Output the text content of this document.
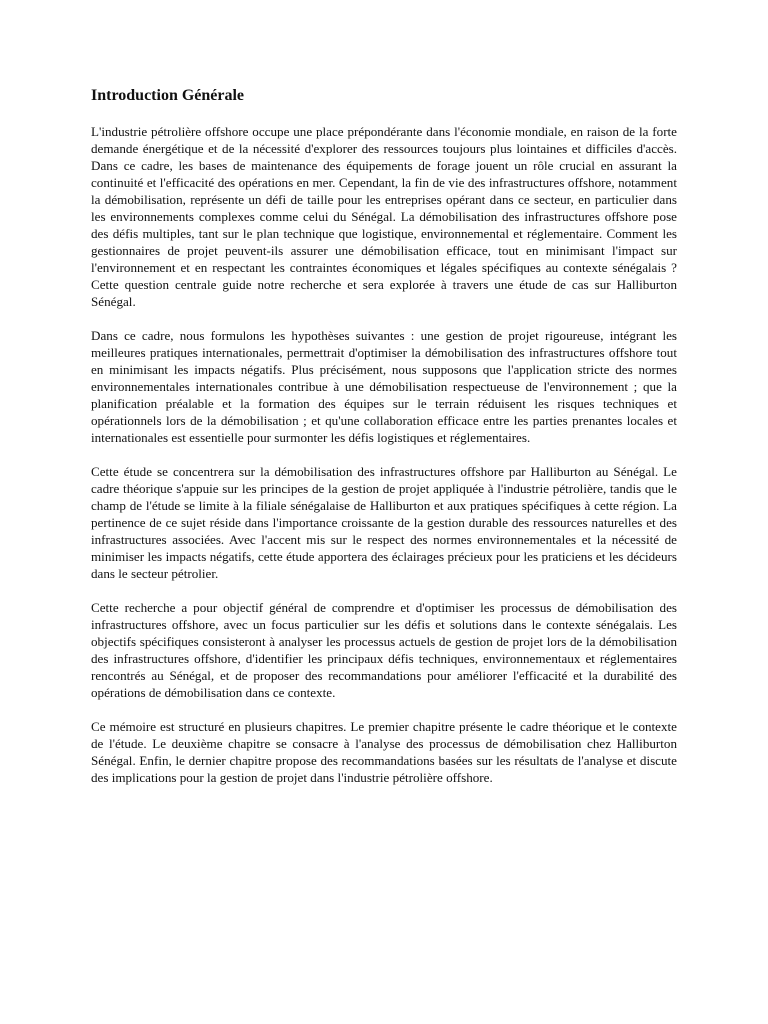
Introduction Générale

L'industrie pétrolière offshore occupe une place prépondérante dans l'économie mondiale, en raison de la forte demande énergétique et de la nécessité d'explorer des ressources toujours plus lointaines et difficiles d'accès. Dans ce cadre, les bases de maintenance des équipements de forage jouent un rôle crucial en assurant la continuité et l'efficacité des opérations en mer. Cependant, la fin de vie des infrastructures offshore, notamment la démobilisation, représente un défi de taille pour les entreprises opérant dans ce secteur, en particulier dans les environnements complexes comme celui du Sénégal. La démobilisation des infrastructures offshore pose des défis multiples, tant sur le plan technique que logistique, environnemental et réglementaire. Comment les gestionnaires de projet peuvent-ils assurer une démobilisation efficace, tout en minimisant l'impact sur l'environnement et en respectant les contraintes économiques et légales spécifiques au contexte sénégalais ? Cette question centrale guide notre recherche et sera explorée à travers une étude de cas sur Halliburton Sénégal.

Dans ce cadre, nous formulons les hypothèses suivantes : une gestion de projet rigoureuse, intégrant les meilleures pratiques internationales, permettrait d'optimiser la démobilisation des infrastructures offshore tout en minimisant les impacts négatifs. Plus précisément, nous supposons que l'application stricte des normes environnementales internationales contribue à une démobilisation respectueuse de l'environnement ; que la planification préalable et la formation des équipes sur le terrain réduisent les risques techniques et opérationnels lors de la démobilisation ; et qu'une collaboration efficace entre les parties prenantes locales et internationales est essentielle pour surmonter les défis logistiques et réglementaires.

Cette étude se concentrera sur la démobilisation des infrastructures offshore par Halliburton au Sénégal. Le cadre théorique s'appuie sur les principes de la gestion de projet appliquée à l'industrie pétrolière, tandis que le champ de l'étude se limite à la filiale sénégalaise de Halliburton et aux pratiques spécifiques à cette région. La pertinence de ce sujet réside dans l'importance croissante de la gestion durable des ressources naturelles et des infrastructures associées. Avec l'accent mis sur le respect des normes environnementales et la nécessité de minimiser les impacts négatifs, cette étude apportera des éclairages précieux pour les praticiens et les décideurs dans le secteur pétrolier.

Cette recherche a pour objectif général de comprendre et d'optimiser les processus de démobilisation des infrastructures offshore, avec un focus particulier sur les défis et solutions dans le contexte sénégalais. Les objectifs spécifiques consisteront à analyser les processus actuels de gestion de projet lors de la démobilisation des infrastructures offshore, d'identifier les principaux défis techniques, environnementaux et réglementaires rencontrés au Sénégal, et de proposer des recommandations pour améliorer l'efficacité et la durabilité des opérations de démobilisation dans ce contexte.

Ce mémoire est structuré en plusieurs chapitres. Le premier chapitre présente le cadre théorique et le contexte de l'étude. Le deuxième chapitre se consacre à l'analyse des processus de démobilisation chez Halliburton Sénégal. Enfin, le dernier chapitre propose des recommandations basées sur les résultats de l'analyse et discute des implications pour la gestion de projet dans l'industrie pétrolière offshore.
